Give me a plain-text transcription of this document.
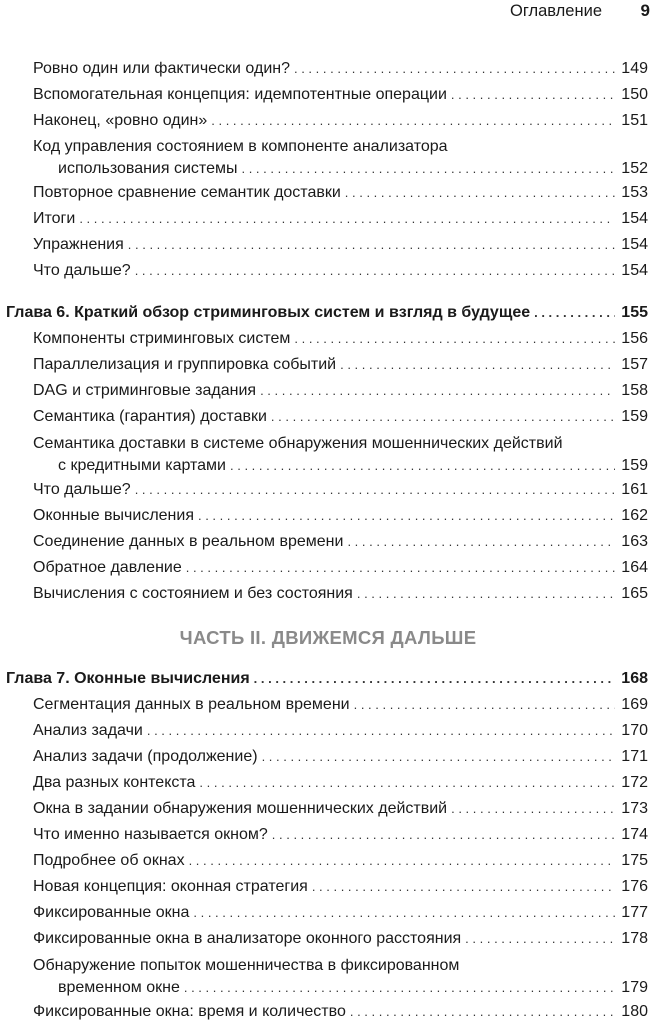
Оглавление 9
Ровно один или фактически один? . . .	149
Вспомогательная концепция: идемпотентные операции . . .	150
Наконец, «ровно один» . . .	151
Код управления состоянием в компоненте анализатора
использования системы . . .	152
Повторное сравнение семантик доставки . . .	153
Итоги . . .	154
Упражнения . . .	154
Что дальше? . . .	154
Глава 6. Краткий обзор стриминговых систем и взгляд в будущее . . .	155
Компоненты стриминговых систем . . .	156
Параллелизация и группировка событий . . .	157
DAG и стриминговые задания . . .	158
Семантика (гарантия) доставки . . .	159
Семантика доставки в системе обнаружения мошеннических действий
с кредитными картами . . .	159
Что дальше? . . .	161
Оконные вычисления . . .	162
Соединение данных в реальном времени . . .	163
Обратное давление . . .	164
Вычисления с состоянием и без состояния . . .	165
Глава 7. Оконные вычисления . . .	168
Сегментация данных в реальном времени . . .	169
Анализ задачи . . .	170
Анализ задачи (продолжение) . . .	171
Два разных контекста . . .	172
Окна в задании обнаружения мошеннических действий . . .	173
Что именно называется окном? . . .	174
Подробнее об окнах . . .	175
Новая концепция: оконная стратегия . . .	176
Фиксированные окна . . .	177
Фиксированные окна в анализаторе оконного расстояния . . .	178
Обнаружение попыток мошенничества в фиксированном
временном окне . . .	179
Фиксированные окна: время и количество . . .	180
ЧАСТЬ II. ДВИЖЕМСЯ ДАЛЬШЕ
